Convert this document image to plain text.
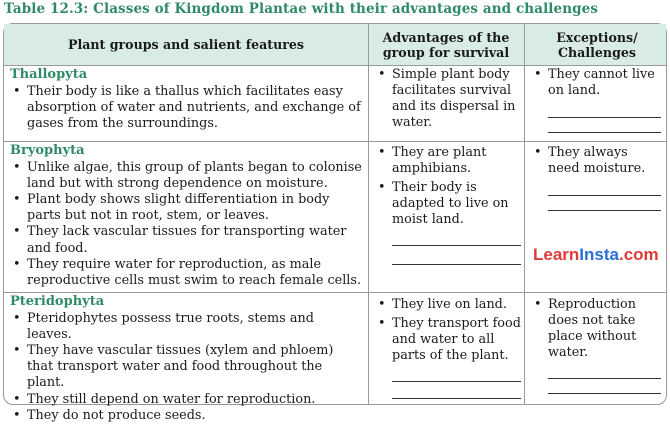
Table 12.3: Classes of Kingdom Plantae with their advantages and challenges
Plant groups and salient features	Advantages of the group for survival
Exceptions/ Challenges
Thallopyta
• Their body is like a thallus which facilitates easy absorption of water and nutrients, and exchange of gases from the surroundings.
• Simple plant body facilitates survival and its dispersal in water.
• They cannot live on land.
Bryophyta
• Unlike algae, this group of plants began to colonise land but with strong dependence on moisture.
• Plant body shows slight differentiation in body parts but not in root, stem, or leaves.
• They lack vascular tissues for transporting water and food.
• They require water for reproduction, as male reproductive cells must swim to reach female cells.
• They are plant amphibians.
• Their body is adapted to live on moist land.
• They always need moisture.
Pteridophyta
• Pteridophytes possess true roots, stems and leaves.
• They have vascular tissues (xylem and phloem) that transport water and food throughout the plant.
• They still depend on water for reproduction.
• They do not produce seeds.
• They live on land.
• They transport food and water to all parts of the plant.
• Reproduction does not take place without water.
LearnInsta.com
